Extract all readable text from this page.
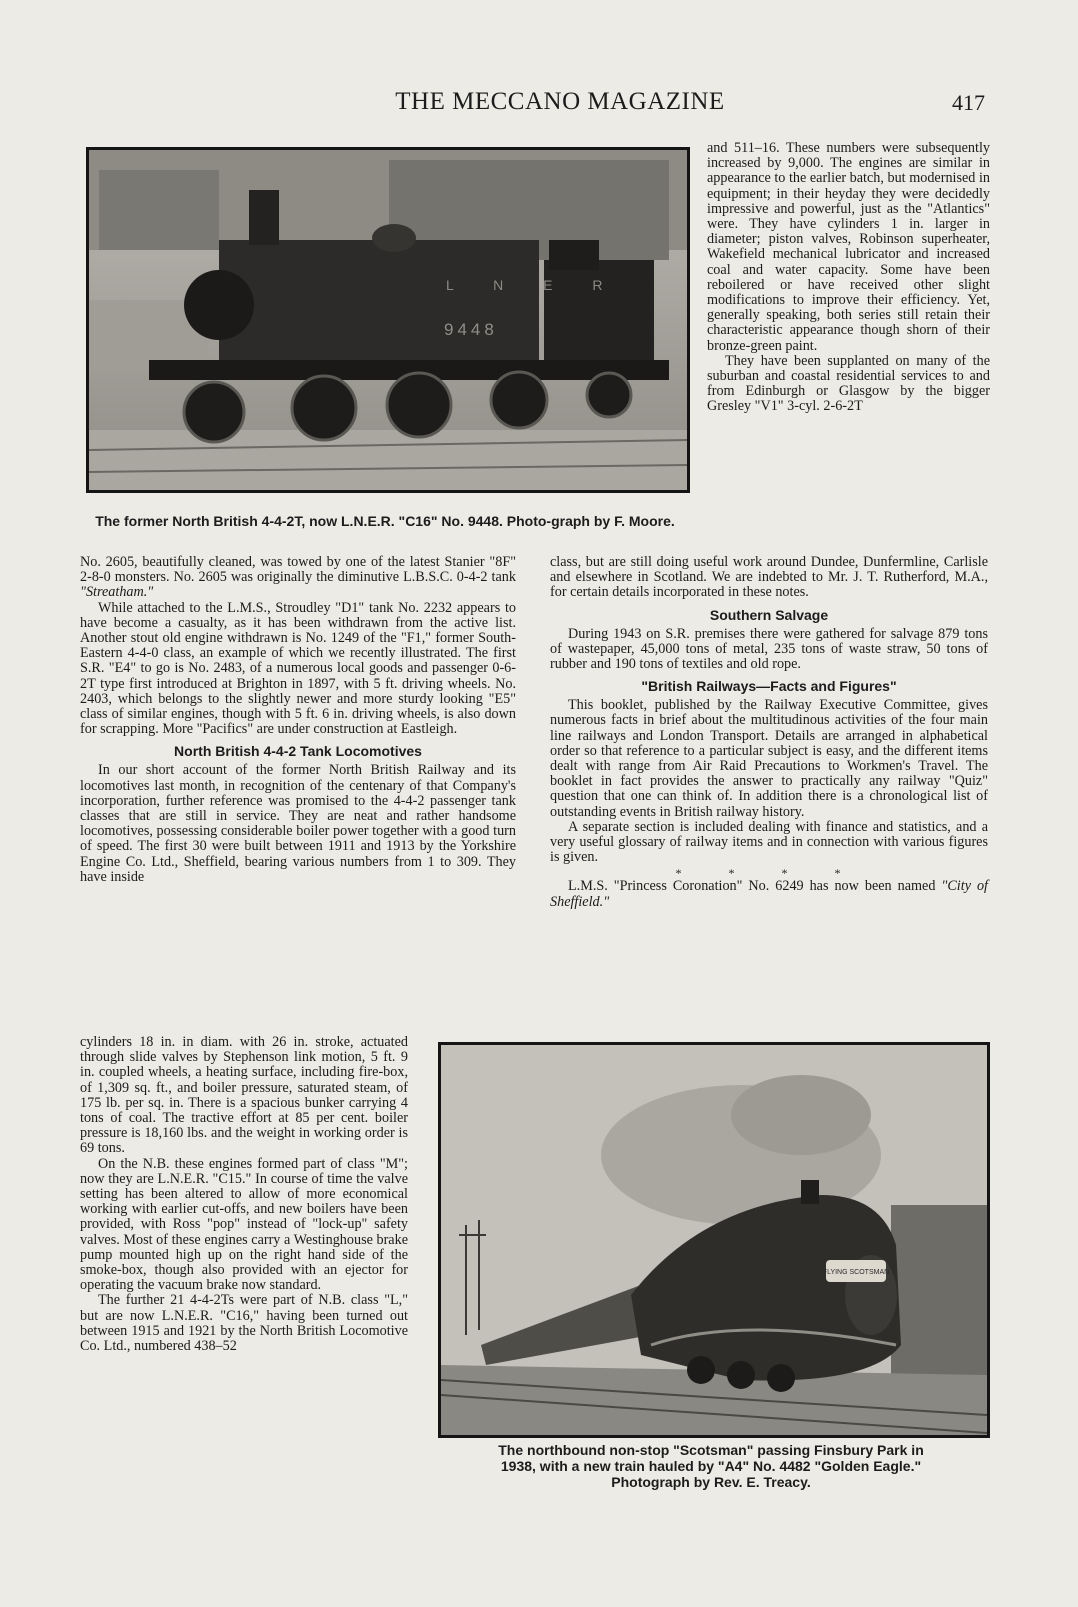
THE MECCANO MAGAZINE	417
L N E R
9448
The former North British 4-4-2T, now L.N.E.R. "C16" No. 9448. Photo-graph by F. Moore.

and 511–16. These numbers were subsequently increased by 9,000. The engines are similar in appearance to the earlier batch, but modernised in equipment; in their heyday they were decidedly impressive and powerful, just as the "Atlantics" were. They have cylinders 1 in. larger in diameter; piston valves, Robinson superheater, Wakefield mechanical lubricator and increased coal and water capacity. Some have been reboilered or have received other slight modifications to improve their efficiency. Yet, generally speaking, both series still retain their characteristic appearance though shorn of their bronze-green paint.

They have been supplanted on many of the suburban and coastal residential services to and from Edinburgh or Glasgow by the bigger Gresley "V1" 3-cyl. 2-6-2T

No. 2605, beautifully cleaned, was towed by one of the latest Stanier "8F" 2-8-0 monsters. No. 2605 was originally the diminutive L.B.S.C. 0-4-2 tank "Streatham."

While attached to the L.M.S., Stroudley "D1" tank No. 2232 appears to have become a casualty, as it has been withdrawn from the active list. Another stout old engine withdrawn is No. 1249 of the "F1," former South-Eastern 4-4-0 class, an example of which we recently illustrated. The first S.R. "E4" to go is No. 2483, of a numerous local goods and passenger 0-6-2T type first introduced at Brighton in 1897, with 5 ft. driving wheels. No. 2403, which belongs to the slightly newer and more sturdy looking "E5" class of similar engines, though with 5 ft. 6 in. driving wheels, is also down for scrapping. More "Pacifics" are under construction at Eastleigh.

North British 4-4-2 Tank Locomotives

In our short account of the former North British Railway and its locomotives last month, in recognition of the centenary of that Company's incorporation, further reference was promised to the 4-4-2 passenger tank classes that are still in service. They are neat and rather handsome locomotives, possessing considerable boiler power together with a good turn of speed. The first 30 were built between 1911 and 1913 by the Yorkshire Engine Co. Ltd., Sheffield, bearing various numbers from 1 to 309. They have inside

cylinders 18 in. in diam. with 26 in. stroke, actuated through slide valves by Stephenson link motion, 5 ft. 9 in. coupled wheels, a heating surface, including fire-box, of 1,309 sq. ft., and boiler pressure, saturated steam, of 175 lb. per sq. in. There is a spacious bunker carrying 4 tons of coal. The tractive effort at 85 per cent. boiler pressure is 18,160 lbs. and the weight in working order is 69 tons.

On the N.B. these engines formed part of class "M"; now they are L.N.E.R. "C15." In course of time the valve setting has been altered to allow of more economical working with earlier cut-offs, and new boilers have been provided, with Ross "pop" instead of "lock-up" safety valves. Most of these engines carry a Westinghouse brake pump mounted high up on the right hand side of the smoke-box, though also provided with an ejector for operating the vacuum brake now standard.

The further 21 4-4-2Ts were part of N.B. class "L," but are now L.N.E.R. "C16," having been turned out between 1915 and 1921 by the North British Locomotive Co. Ltd., numbered 438–52

class, but are still doing useful work around Dundee, Dunfermline, Carlisle and elsewhere in Scotland. We are indebted to Mr. J. T. Rutherford, M.A., for certain details incorporated in these notes.

Southern Salvage

During 1943 on S.R. premises there were gathered for salvage 879 tons of wastepaper, 45,000 tons of metal, 235 tons of waste straw, 50 tons of rubber and 190 tons of textiles and old rope.

"British Railways—Facts and Figures"

This booklet, published by the Railway Executive Committee, gives numerous facts in brief about the multitudinous activities of the four main line railways and London Transport. Details are arranged in alphabetical order so that reference to a particular subject is easy, and the different items dealt with range from Air Raid Precautions to Workmen's Travel. The booklet in fact provides the answer to practically any railway "Quiz" question that one can think of. In addition there is a chronological list of outstanding events in British railway history.

A separate section is included dealing with finance and statistics, and a very useful glossary of railway items and in connection with various figures is given.

* * * *

L.M.S. "Princess Coronation" No. 6249 has now been named "City of Sheffield."

FLYING SCOTSMAN
The northbound non-stop "Scotsman" passing Finsbury Park in
1938, with a new train hauled by "A4" No. 4482 "Golden Eagle."
Photograph by Rev. E. Treacy.
